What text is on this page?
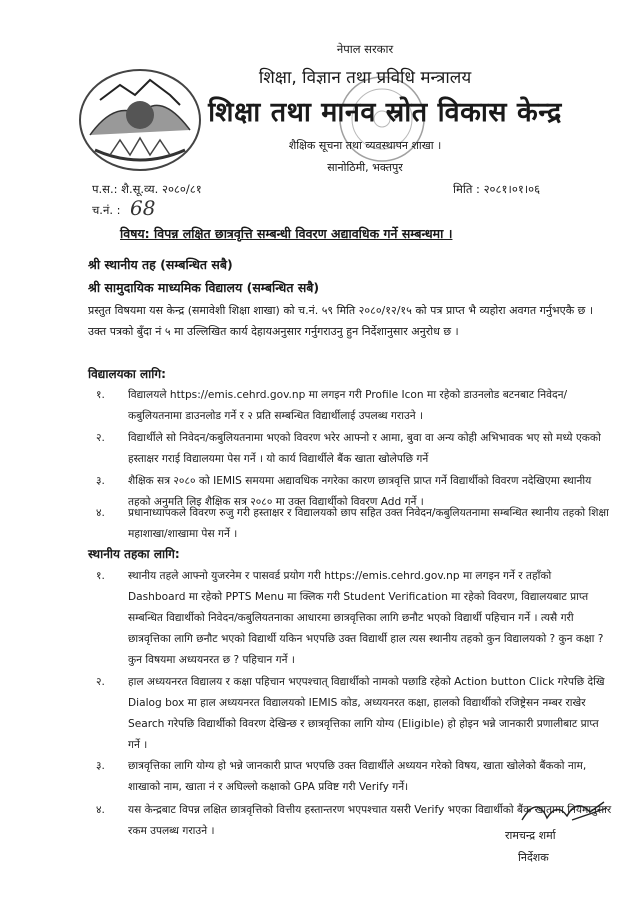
नेपाल सरकार
शिक्षा, विज्ञान तथा प्रविधि मन्त्रालय
शिक्षा तथा मानव स्रोत विकास केन्द्र
शैक्षिक सूचना तथा व्यवस्थापन शाखा ।
सानोठिमी, भक्तपुर
प.स.: शै.सू.व्य. २०८०/८१	मिति : २०८१।०१।०६
च.नं. : 68
विषय: विपन्न लक्षित छात्रवृत्ति सम्बन्धी विवरण अद्यावधिक गर्ने सम्बन्धमा ।
श्री स्थानीय तह (सम्बन्धित सबै)
श्री सामुदायिक माध्यमिक विद्यालय (सम्बन्धित सबै)
प्रस्तुत विषयमा यस केन्द्र (समावेशी शिक्षा शाखा) को च.नं. ५९ मिति २०८०/१२/१५ को पत्र प्राप्त भै व्यहोरा अवगत गर्नुभएकै छ । उक्त पत्रको बुँदा नं ५ मा उल्लिखित कार्य देहायअनुसार गर्नुगराउनु हुन निर्देशानुसार अनुरोध छ ।
विद्यालयका लागि:
१. विद्यालयले https://emis.cehrd.gov.np मा लगइन गरी Profile Icon मा रहेको डाउनलोड बटनबाट निवेदन/कबुलियतनामा डाउनलोड गर्ने र २ प्रति सम्बन्धित विद्यार्थीलाई उपलब्ध गराउने ।
२. विद्यार्थीले सो निवेदन/कबुलियतनामा भएको विवरण भरेर आफ्नो र आमा, बुवा वा अन्य कोही अभिभावक भए सो मध्ये एकको हस्ताक्षर गराई विद्यालयमा पेस गर्ने । यो कार्य विद्यार्थीले बैंक खाता खोलेपछि गर्ने
३. शैक्षिक सत्र २०८० को IEMIS समयमा अद्यावधिक नगरेका कारण छात्रवृत्ति प्राप्त गर्ने विद्यार्थीको विवरण नदेखिएमा स्थानीय तहको अनुमति लिइ शैक्षिक सत्र २०८० मा उक्त विद्यार्थीको विवरण Add गर्ने ।
४. प्रधानाध्यापकले विवरण रुजु गरी हस्ताक्षर र विद्यालयको छाप सहित उक्त निवेदन/कबुलियतनामा सम्बन्धित स्थानीय तहको शिक्षा महाशाखा/शाखामा पेस गर्ने ।
स्थानीय तहका लागि:
१. स्थानीय तहले आफ्नो युजरनेम र पासवर्ड प्रयोग गरी https://emis.cehrd.gov.np मा लगइन गर्ने र तहाँको Dashboard मा रहेको PPTS Menu मा क्लिक गरी Student Verification मा रहेको विवरण, विद्यालयबाट प्राप्त सम्बन्धित विद्यार्थीको निवेदन/कबुलियतनाका आधारमा छात्रवृत्तिका लागि छनौट भएको विद्यार्थी पहिचान गर्ने । त्यसै गरी छात्रवृत्तिका लागि छनौट भएको विद्यार्थी यकिन भएपछि उक्त विद्यार्थी हाल त्यस स्थानीय तहको कुन विद्यालयको ? कुन कक्षा ? कुन विषयमा अध्ययनरत छ ? पहिचान गर्ने ।
२. हाल अध्ययनरत विद्यालय र कक्षा पहिचान भएपश्चात् विद्यार्थीको नामको पछाडि रहेको Action button Click गरेपछि देखि Dialog box मा हाल अध्ययनरत विद्यालयको IEMIS कोड, अध्ययनरत कक्षा, हालको विद्यार्थीको रजिष्ट्रेसन नम्बर राखेर Search गरेपछि विद्यार्थीको विवरण देखिन्छ र छात्रवृत्तिका लागि योग्य (Eligible) हो होइन भन्ने जानकारी प्रणालीबाट प्राप्त गर्ने ।
३. छात्रवृत्तिका लागि योग्य हो भन्ने जानकारी प्राप्त भएपछि उक्त विद्यार्थीले अध्ययन गरेको विषय, खाता खोलेको बैंकको नाम, शाखाको नाम, खाता नं र अघिल्लो कक्षाको GPA प्रविष्ट गरी Verify गर्ने।
४. यस केन्द्रबाट विपन्न लक्षित छात्रवृत्तिको वित्तीय हस्तान्तरण भएपश्चात यसरी Verify भएका विद्यार्थीको बैंक खातामा नियमानुसार रकम उपलब्ध गराउने ।	रामचन्द्र शर्मा
निर्देशक
